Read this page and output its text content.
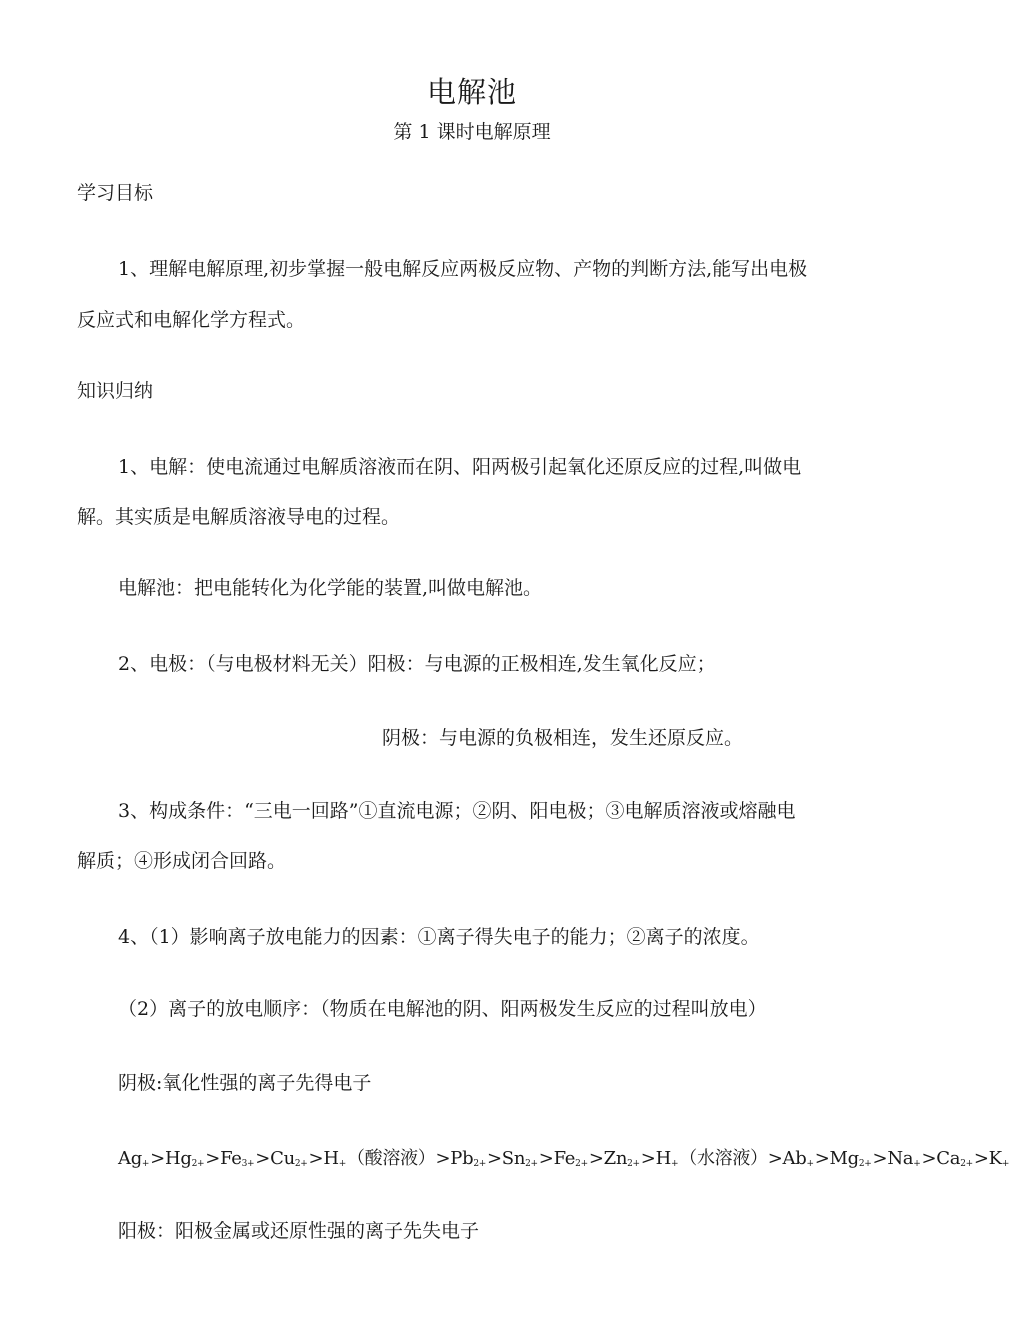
电解池
第 1 课时电解原理
学习目标
1、理解电解原理,初步掌握一般电解反应两极反应物、产物的判断方法,能写出电极
反应式和电解化学方程式。
知识归纳
1、电解：使电流通过电解质溶液而在阴、阳两极引起氧化还原反应的过程,叫做电
解。其实质是电解质溶液导电的过程。
电解池：把电能转化为化学能的装置,叫做电解池。
2、电极：（与电极材料无关）阳极：与电源的正极相连,发生氧化反应；
阴极：与电源的负极相连，发生还原反应。
3、构成条件：“三电一回路”①直流电源；②阴、阳电极；③电解质溶液或熔融电
解质；④形成闭合回路。
4、（1）影响离子放电能力的因素：①离子得失电子的能力；②离子的浓度。
（2）离子的放电顺序：（物质在电解池的阴、阳两极发生反应的过程叫放电）
阴极:氧化性强的离子先得电子
Ag+>Hg2+>Fe3+>Cu2+>H+（酸溶液）>Pb2+>Sn2+>Fe2+>Zn2+>H+（水溶液）>Ab+>Mg2+>Na+>Ca2+>K+
阳极：阳极金属或还原性强的离子先失电子
